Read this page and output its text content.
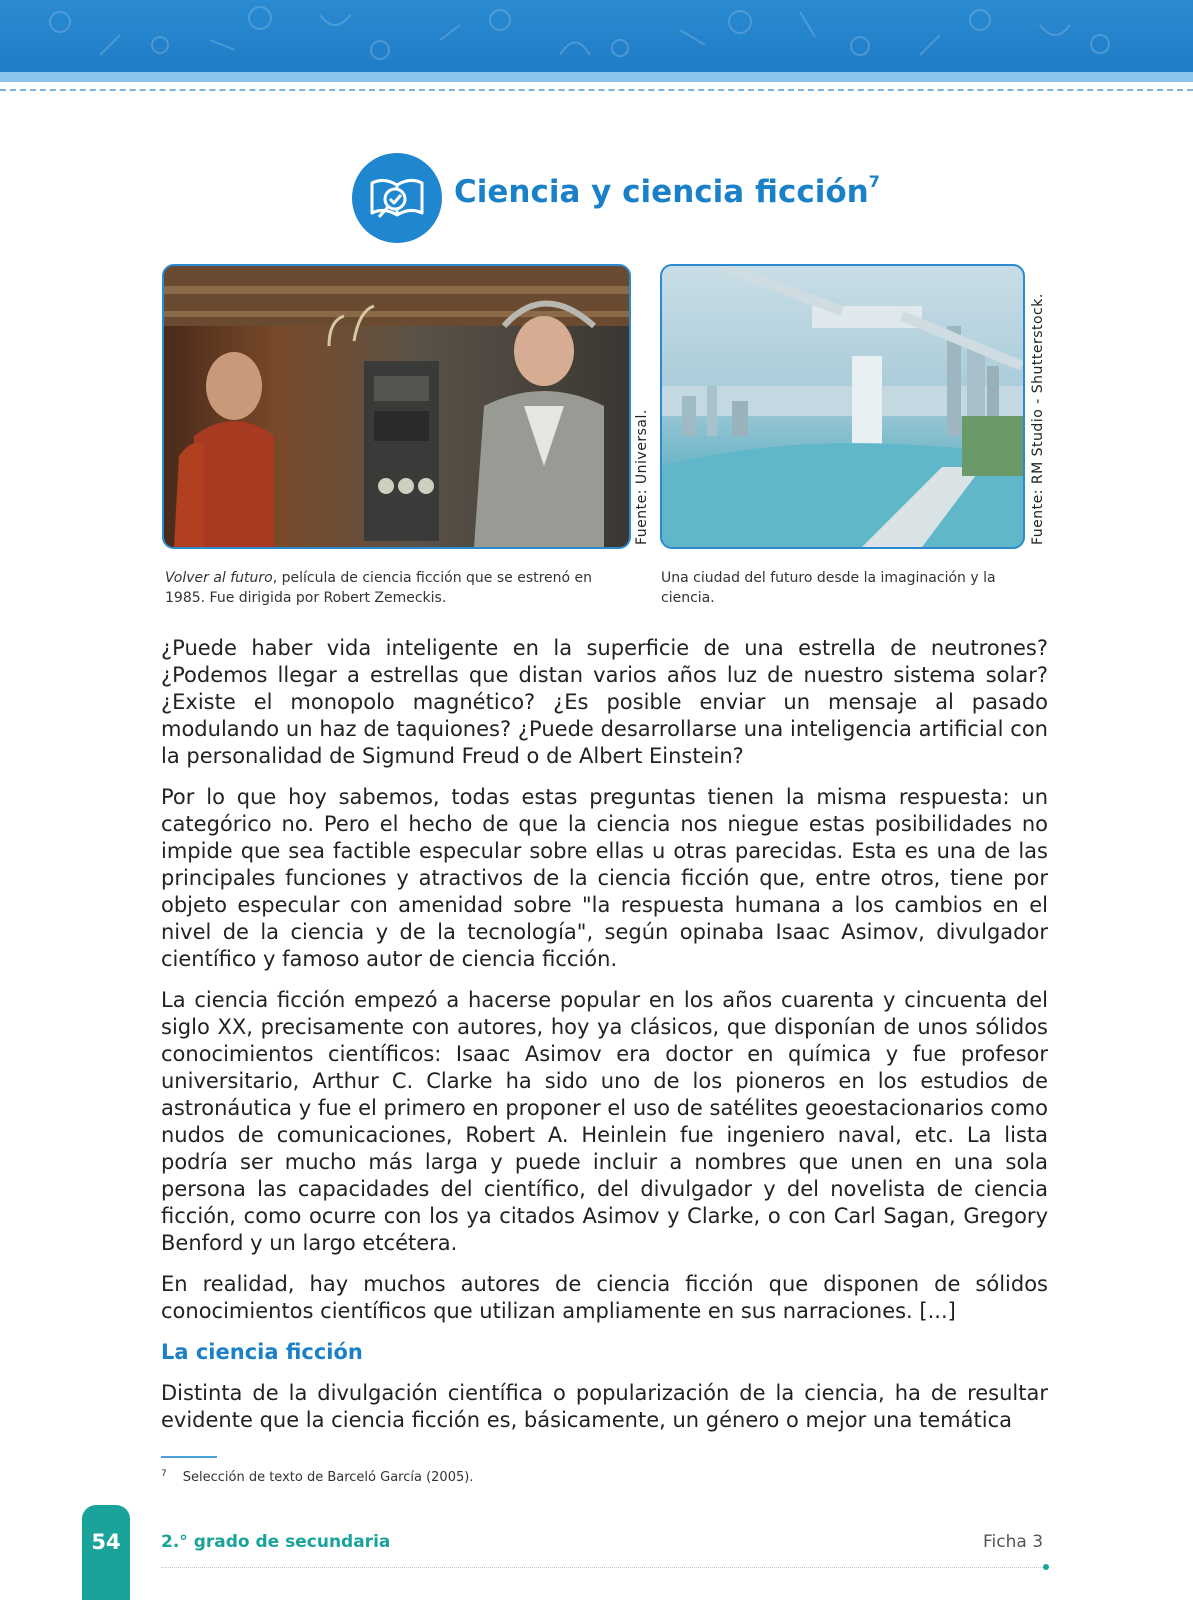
Ciencia y ciencia ficción$^7$
Fuente: Universal.
Volver al futuro, película de ciencia ficción que se estrenó en 1985. Fue dirigida por Robert Zemeckis.
Fuente: RM Studio - Shutterstock.
Una ciudad del futuro desde la imaginación y la ciencia.

¿Puede haber vida inteligente en la superficie de una estrella de neutrones? ¿Podemos llegar a estrellas que distan varios años luz de nuestro sistema solar? ¿Existe el monopolo magnético? ¿Es posible enviar un mensaje al pasado modulando un haz de taquiones? ¿Puede desarrollarse una inteligencia artificial con la personalidad de Sigmund Freud o de Albert Einstein?

Por lo que hoy sabemos, todas estas preguntas tienen la misma respuesta: un categórico no. Pero el hecho de que la ciencia nos niegue estas posibilidades no impide que sea factible especular sobre ellas u otras parecidas. Esta es una de las principales funciones y atractivos de la ciencia ficción que, entre otros, tiene por objeto especular con amenidad sobre "la respuesta humana a los cambios en el nivel de la ciencia y de la tecnología", según opinaba Isaac Asimov, divulgador científico y famoso autor de ciencia ficción.

La ciencia ficción empezó a hacerse popular en los años cuarenta y cincuenta del siglo XX, precisamente con autores, hoy ya clásicos, que disponían de unos sólidos conocimientos científicos: Isaac Asimov era doctor en química y fue profesor universitario, Arthur C. Clarke ha sido uno de los pioneros en los estudios de astronáutica y fue el primero en proponer el uso de satélites geoestacionarios como nudos de comunicaciones, Robert A. Heinlein fue ingeniero naval, etc. La lista podría ser mucho más larga y puede incluir a nombres que unen en una sola persona las capacidades del científico, del divulgador y del novelista de ciencia ficción, como ocurre con los ya citados Asimov y Clarke, o con Carl Sagan, Gregory Benford y un largo etcétera.

En realidad, hay muchos autores de ciencia ficción que disponen de sólidos conocimientos científicos que utilizan ampliamente en sus narraciones. [...]

La ciencia ficción

Distinta de la divulgación científica o popularización de la ciencia, ha de resultar evidente que la ciencia ficción es, básicamente, un género o mejor una temática

$^7$ Selección de texto de Barceló García (2005).
54	2.° grado de secundaria	Ficha 3
